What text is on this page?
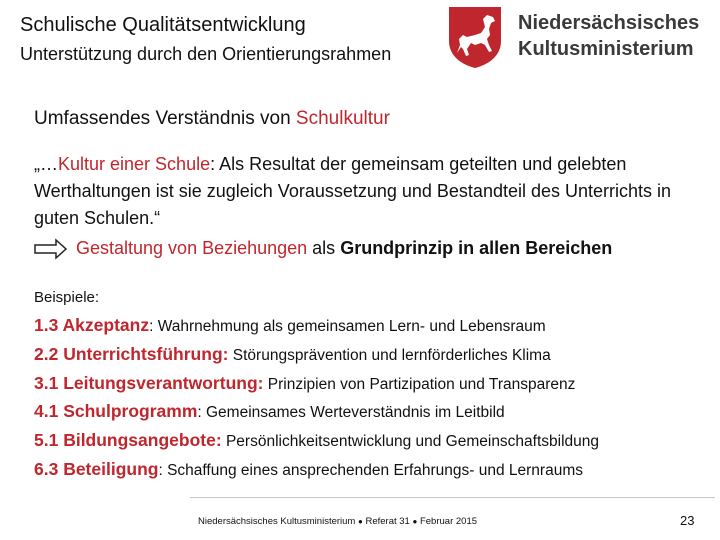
Schulische Qualitätsentwicklung
Unterstützung durch den Orientierungsrahmen
Niedersächsisches
Kultusministerium
Umfassendes Verständnis von Schulkultur
„…Kultur einer Schule: Als Resultat der gemeinsam geteilten und gelebten Werthaltungen ist sie zugleich Voraussetzung und Bestandteil des Unterrichts in guten Schulen.“
Gestaltung von Beziehungen als Grundprinzip in allen Bereichen
Beispiele:
1.3 Akzeptanz: Wahrnehmung als gemeinsamen Lern- und Lebensraum
2.2 Unterrichtsführung: Störungsprävention und lernförderliches Klima
3.1 Leitungsverantwortung: Prinzipien von Partizipation und Transparenz
4.1 Schulprogramm: Gemeinsames Werteverständnis im Leitbild
5.1 Bildungsangebote: Persönlichkeitsentwicklung und Gemeinschaftsbildung
6.3 Beteiligung: Schaffung eines ansprechenden Erfahrungs- und Lernraums
Niedersächsisches Kultusministerium ● Referat 31 ● Februar 2015	23
